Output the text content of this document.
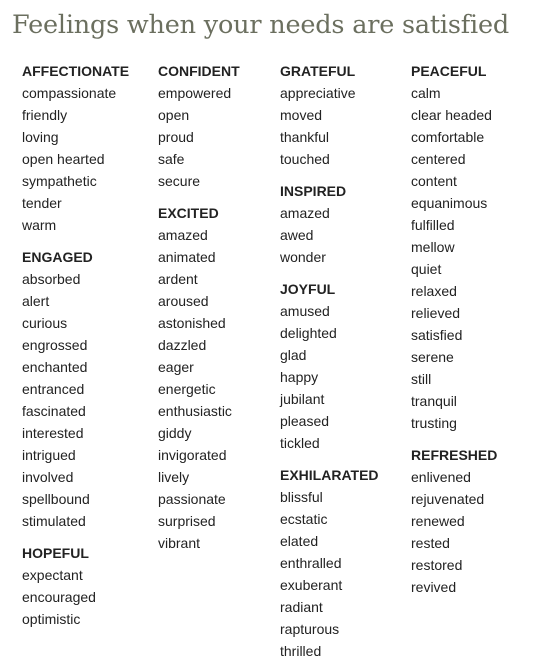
Feelings when your needs are satisfied
AFFECTIONATE
compassionate
friendly
loving
open hearted
sympathetic
tender
warm
ENGAGED
absorbed
alert
curious
engrossed
enchanted
entranced
fascinated
interested
intrigued
involved
spellbound
stimulated
HOPEFUL
expectant
encouraged
optimistic
CONFIDENT
empowered
open
proud
safe
secure
EXCITED
amazed
animated
ardent
aroused
astonished
dazzled
eager
energetic
enthusiastic
giddy
invigorated
lively
passionate
surprised
vibrant
GRATEFUL
appreciative
moved
thankful
touched
INSPIRED
amazed
awed
wonder
JOYFUL
amused
delighted
glad
happy
jubilant
pleased
tickled
EXHILARATED
blissful
ecstatic
elated
enthralled
exuberant
radiant
rapturous
thrilled
PEACEFUL
calm
clear headed
comfortable
centered
content
equanimous
fulfilled
mellow
quiet
relaxed
relieved
satisfied
serene
still
tranquil
trusting
REFRESHED
enlivened
rejuvenated
renewed
rested
restored
revived
